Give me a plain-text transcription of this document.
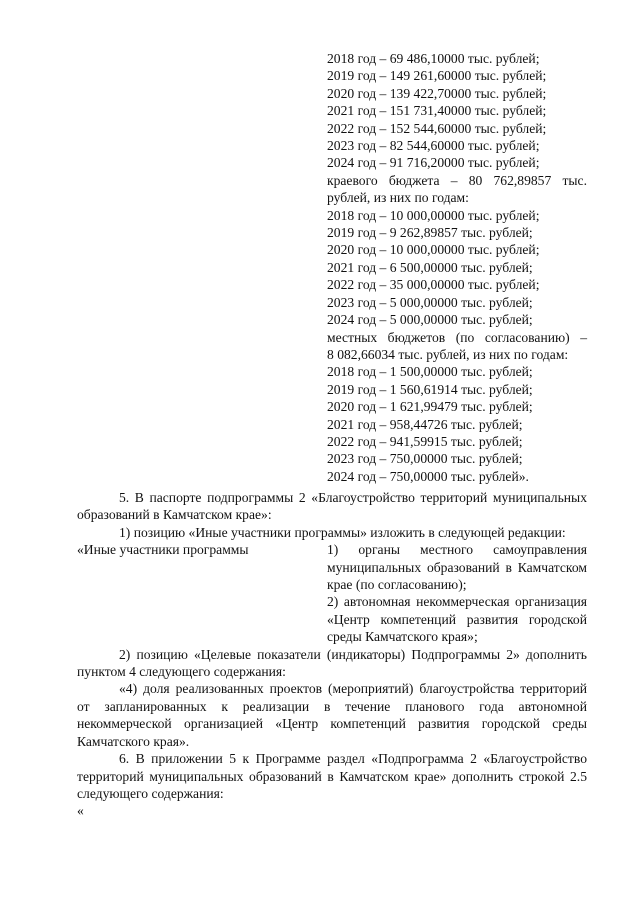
2018 год – 69 486,10000 тыс. рублей;
2019 год – 149 261,60000 тыс. рублей;
2020 год – 139 422,70000 тыс. рублей;
2021 год – 151 731,40000 тыс. рублей;
2022 год – 152 544,60000 тыс. рублей;
2023 год – 82 544,60000 тыс. рублей;
2024 год – 91 716,20000 тыс. рублей;
краевого бюджета – 80 762,89857 тыс.
рублей, из них по годам:
2018 год – 10 000,00000 тыс. рублей;
2019 год – 9 262,89857 тыс. рублей;
2020 год – 10 000,00000 тыс. рублей;
2021 год – 6 500,00000 тыс. рублей;
2022 год – 35 000,00000 тыс. рублей;
2023 год – 5 000,00000 тыс. рублей;
2024 год – 5 000,00000 тыс. рублей;
местных бюджетов (по согласованию) –
8 082,66034 тыс. рублей, из них по годам:
2018 год – 1 500,00000 тыс. рублей;
2019 год – 1 560,61914 тыс. рублей;
2020 год – 1 621,99479 тыс. рублей;
2021 год – 958,44726 тыс. рублей;
2022 год – 941,59915 тыс. рублей;
2023 год – 750,00000 тыс. рублей;
2024 год – 750,00000 тыс. рублей».

5. В паспорте подпрограммы 2 «Благоустройство территорий муниципальных образований в Камчатском крае»:

1) позицию «Иные участники программы» изложить в следующей редакции:

«Иные участники программы	1) органы местного самоуправления муниципальных образований в Камчатском крае (по согласованию);
2) автономная некоммерческая организация «Центр компетенций развития городской среды Камчатского края»;

2) позицию «Целевые показатели (индикаторы) Подпрограммы 2» дополнить пунктом 4 следующего содержания:

«4) доля реализованных проектов (мероприятий) благоустройства территорий от запланированных к реализации в течение планового года автономной некоммерческой организацией «Центр компетенций развития городской среды Камчатского края».

6. В приложении 5 к Программе раздел «Подпрограмма 2 «Благоустройство территорий муниципальных образований в Камчатском крае» дополнить строкой 2.5 следующего содержания:

«
